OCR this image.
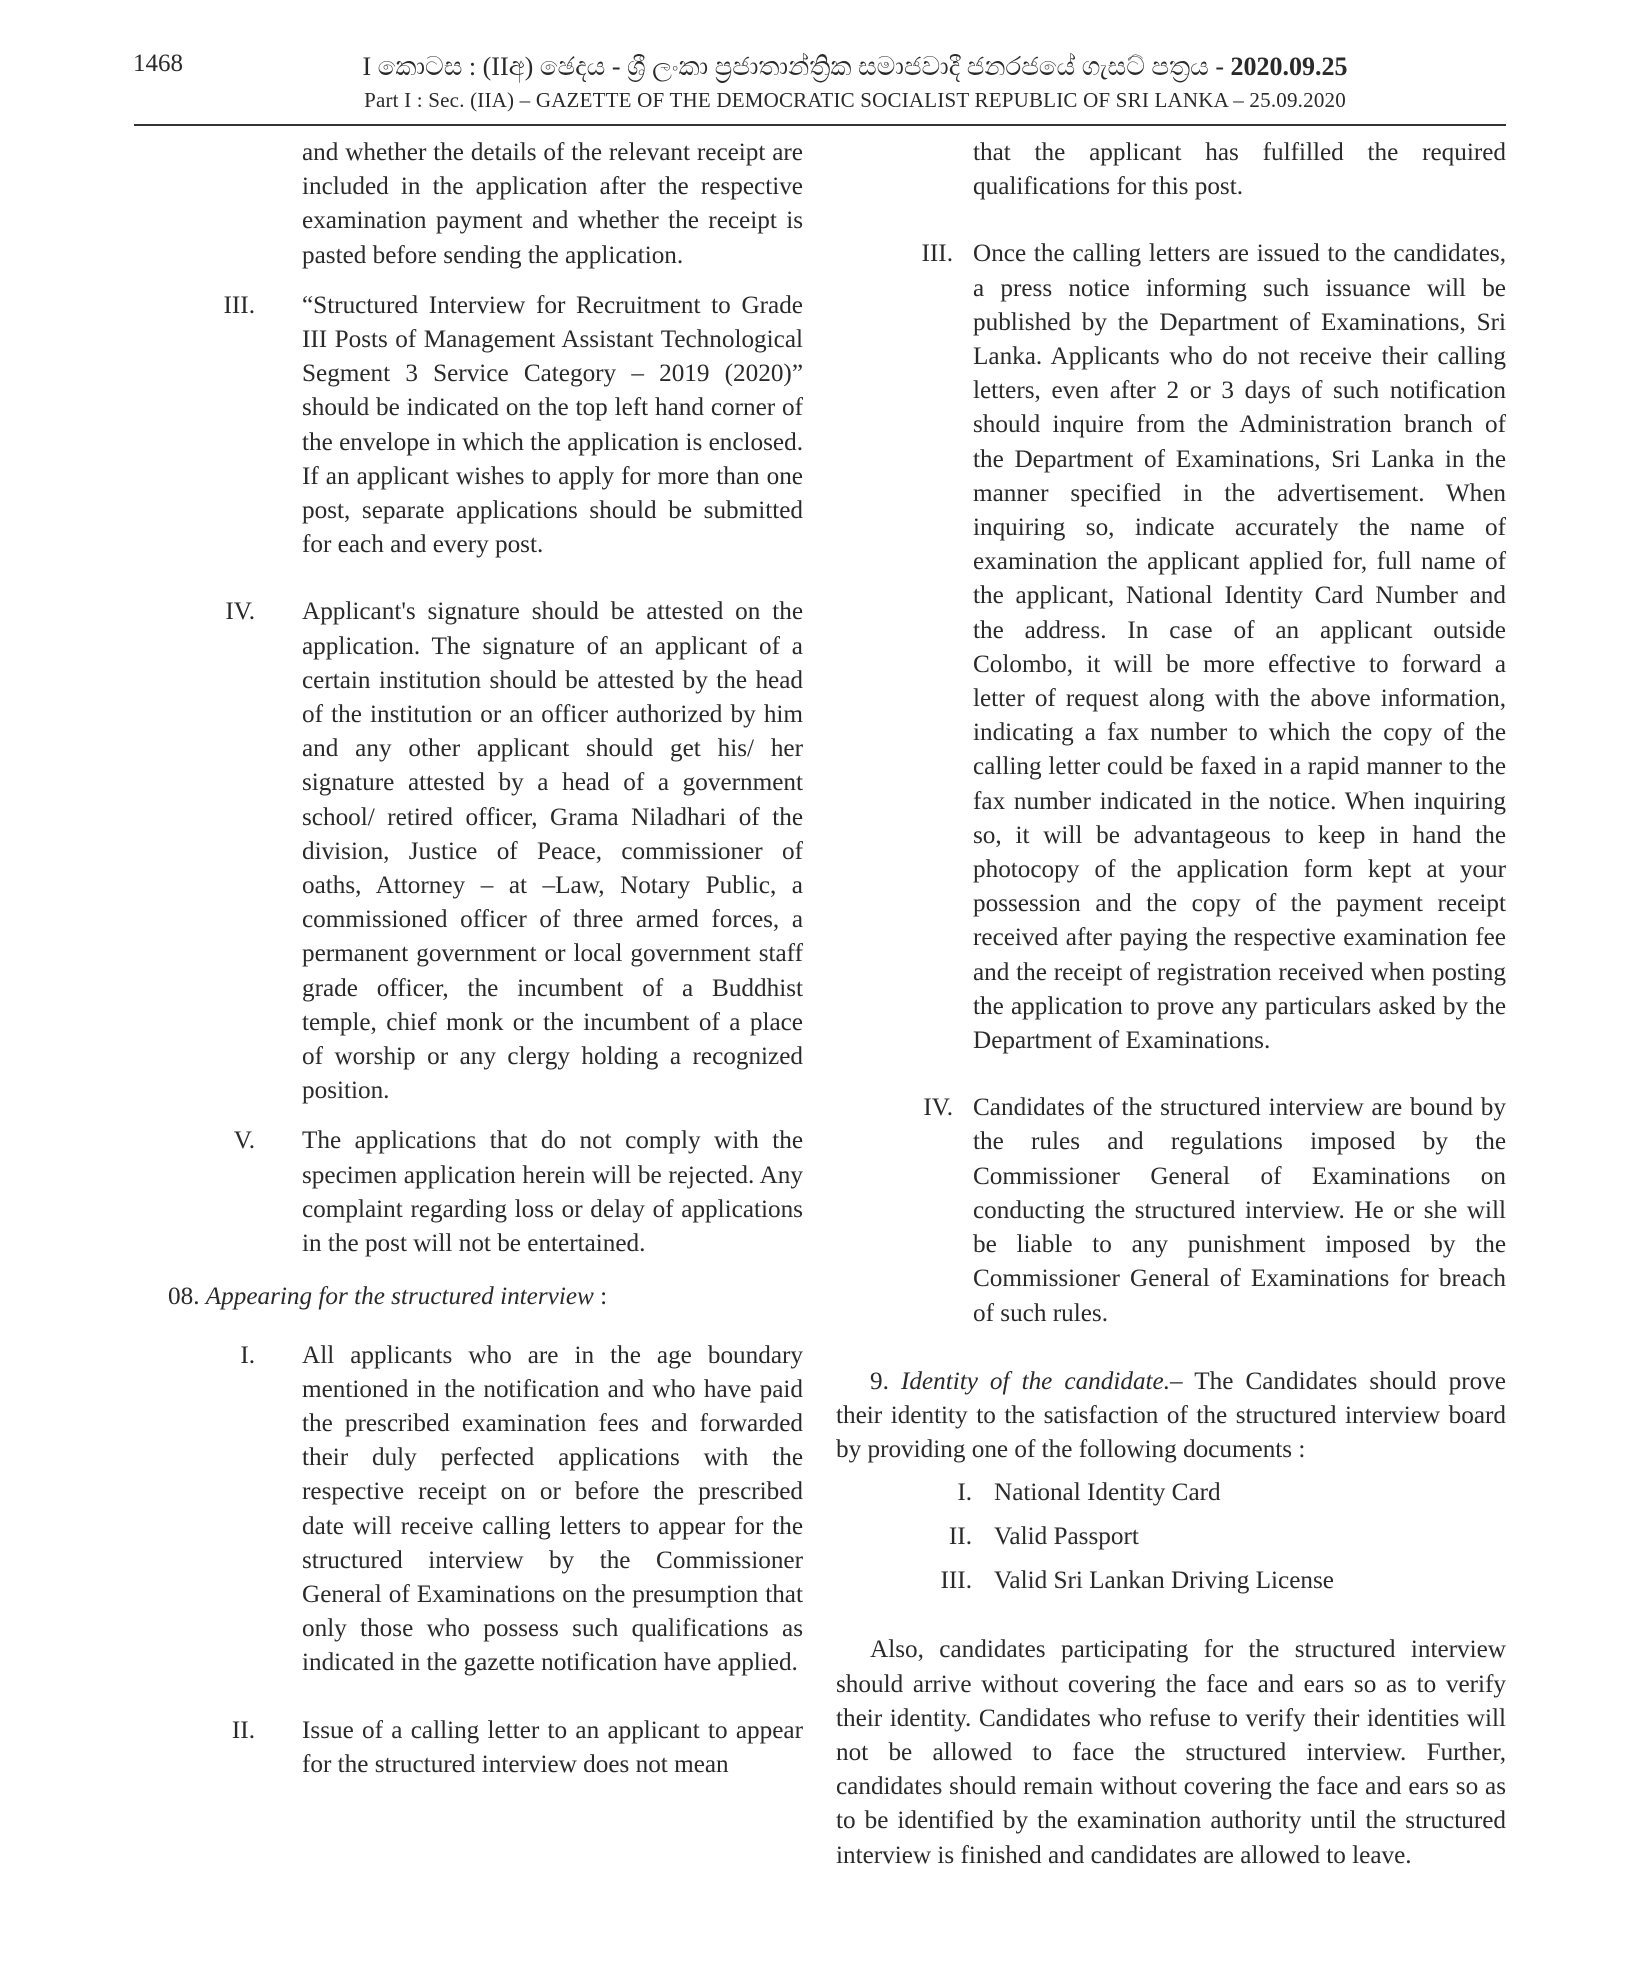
1468	I කොටස : (IIඅ) ඡෙදය - ශ්‍රී ලංකා ප්‍රජාතාන්ත්‍රික සමාජවාදී ජනරජයේ ගැසට් පත්‍රය - 2020.09.25
Part I : Sec. (IIA) – GAZETTE OF THE DEMOCRATIC SOCIALIST REPUBLIC OF SRI LANKA – 25.09.2020

and whether the details of the relevant receipt are included in the application after the respective examination payment and whether the receipt is pasted before sending the application.

III. “Structured Interview for Recruitment to Grade III Posts of Management Assistant Technological Segment 3 Service Category – 2019 (2020)” should be indicated on the top left hand corner of the envelope in which the application is enclosed. If an applicant wishes to apply for more than one post, separate applications should be submitted for each and every post.
IV. Applicant's signature should be attested on the application. The signature of an applicant of a certain institution should be attested by the head of the institution or an officer authorized by him and any other applicant should get his/ her signature attested by a head of a government school/ retired officer, Grama Niladhari of the division, Justice of Peace, commissioner of oaths, Attorney – at –Law, Notary Public, a commissioned officer of three armed forces, a permanent government or local government staff grade officer, the incumbent of a Buddhist temple, chief monk or the incumbent of a place of worship or any clergy holding a recognized position.
V. The applications that do not comply with the specimen application herein will be rejected. Any complaint regarding loss or delay of applications in the post will not be entertained.

08. Appearing for the structured interview :

I. All applicants who are in the age boundary mentioned in the notification and who have paid the prescribed examination fees and forwarded their duly perfected applications with the respective receipt on or before the prescribed date will receive calling letters to appear for the structured interview by the Commissioner General of Examinations on the presumption that only those who possess such qualifications as indicated in the gazette notification have applied.
II. Issue of a calling letter to an applicant to appear for the structured interview does not mean

that the applicant has fulfilled the required qualifications for this post.

III. Once the calling letters are issued to the candidates, a press notice informing such issuance will be published by the Department of Examinations, Sri Lanka. Applicants who do not receive their calling letters, even after 2 or 3 days of such notification should inquire from the Administration branch of the Department of Examinations, Sri Lanka in the manner specified in the advertisement. When inquiring so, indicate accurately the name of examination the applicant applied for, full name of the applicant, National Identity Card Number and the address. In case of an applicant outside Colombo, it will be more effective to forward a letter of request along with the above information, indicating a fax number to which the copy of the calling letter could be faxed in a rapid manner to the fax number indicated in the notice. When inquiring so, it will be advantageous to keep in hand the photocopy of the application form kept at your possession and the copy of the payment receipt received after paying the respective examination fee and the receipt of registration received when posting the application to prove any particulars asked by the Department of Examinations.
IV. Candidates of the structured interview are bound by the rules and regulations imposed by the Commissioner General of Examinations on conducting the structured interview. He or she will be liable to any punishment imposed by the Commissioner General of Examinations for breach of such rules.

9. Identity of the candidate.– The Candidates should prove their identity to the satisfaction of the structured interview board by providing one of the following documents :

I. National Identity Card
II. Valid Passport
III. Valid Sri Lankan Driving License

Also, candidates participating for the structured interview should arrive without covering the face and ears so as to verify their identity. Candidates who refuse to verify their identities will not be allowed to face the structured interview. Further, candidates should remain without covering the face and ears so as to be identified by the examination authority until the structured interview is finished and candidates are allowed to leave.
